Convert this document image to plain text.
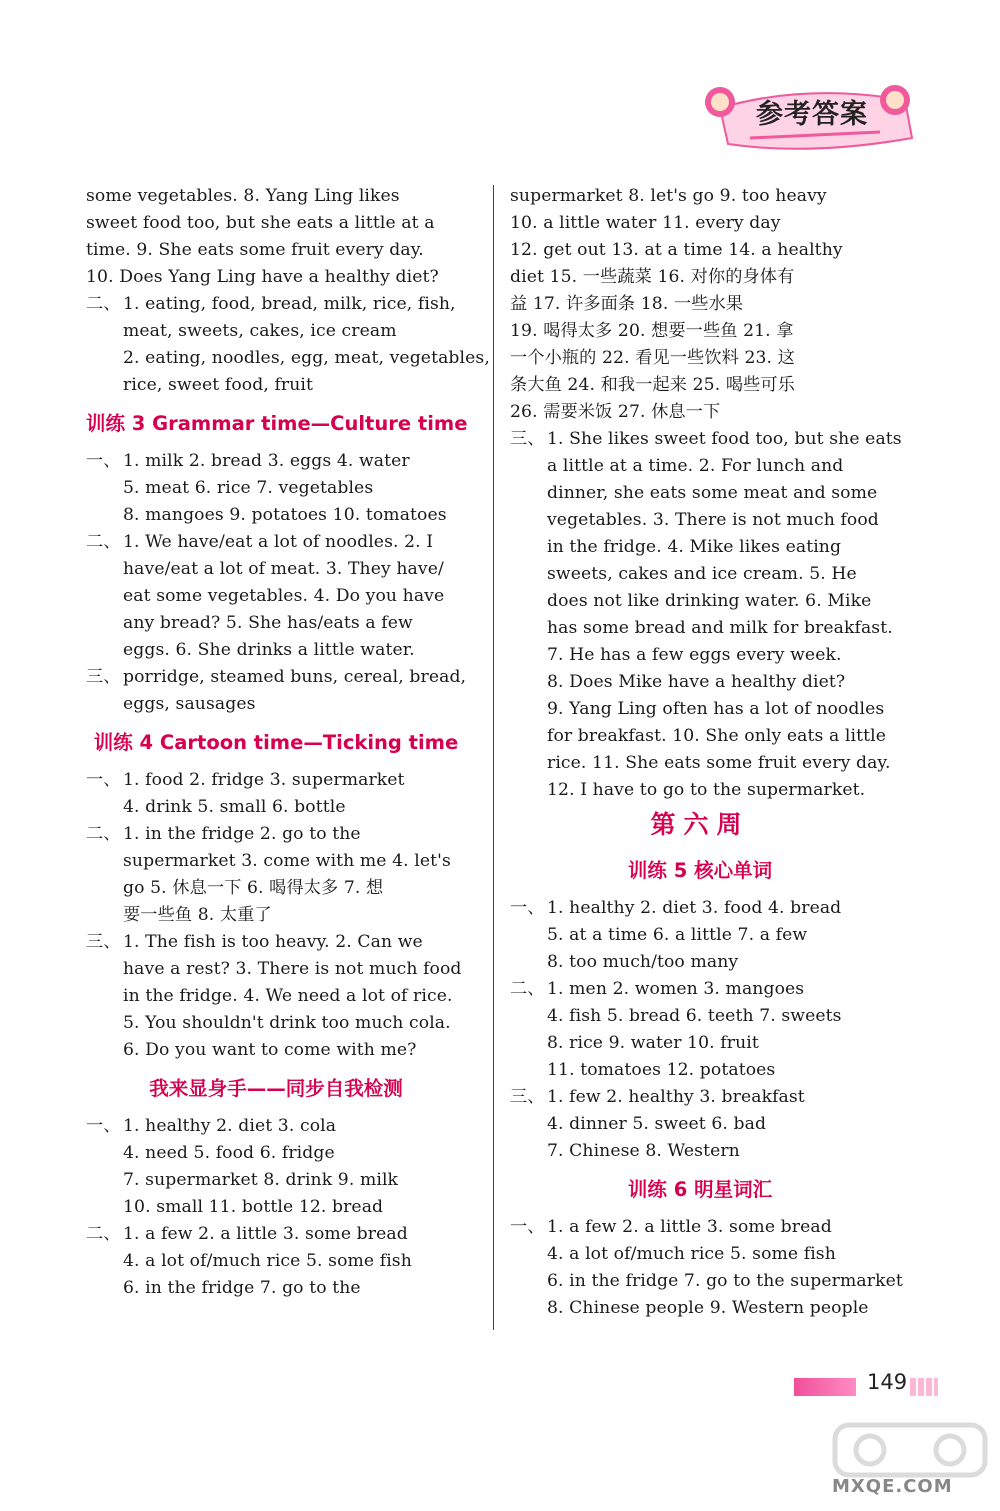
参考答案
some vegetables. 8. Yang Ling likes
sweet food too, but she eats a little at a
time. 9. She eats some fruit every day.
10. Does Yang Ling have a healthy diet?
二、 1. eating, food, bread, milk, rice, fish,
meat, sweets, cakes, ice cream
2. eating, noodles, egg, meat, vegetables,
rice, sweet food, fruit
训练 3 Grammar time—Culture time
一、 1. milk 2. bread 3. eggs 4. water
5. meat 6. rice 7. vegetables
8. mangoes 9. potatoes 10. tomatoes
二、 1. We have/eat a lot of noodles. 2. I
have/eat a lot of meat. 3. They have/
eat some vegetables. 4. Do you have
any bread? 5. She has/eats a few
eggs. 6. She drinks a little water.
三、 porridge, steamed buns, cereal, bread,
eggs, sausages
训练 4 Cartoon time—Ticking time
一、 1. food 2. fridge 3. supermarket
4. drink 5. small 6. bottle
二、 1. in the fridge 2. go to the
supermarket 3. come with me 4. let's
go 5. 休息一下 6. 喝得太多 7. 想
要一些鱼 8. 太重了
三、 1. The fish is too heavy. 2. Can we
have a rest? 3. There is not much food
in the fridge. 4. We need a lot of rice.
5. You shouldn't drink too much cola.
6. Do you want to come with me?
我来显身手——同步自我检测
一、 1. healthy 2. diet 3. cola
4. need 5. food 6. fridge
7. supermarket 8. drink 9. milk
10. small 11. bottle 12. bread
二、 1. a few 2. a little 3. some bread
4. a lot of/much rice 5. some fish
6. in the fridge 7. go to the
supermarket 8. let's go 9. too heavy
10. a little water 11. every day
12. get out 13. at a time 14. a healthy
diet 15. 一些蔬菜 16. 对你的身体有
益 17. 许多面条 18. 一些水果
19. 喝得太多 20. 想要一些鱼 21. 拿
一个小瓶的 22. 看见一些饮料 23. 这
条大鱼 24. 和我一起来 25. 喝些可乐
26. 需要米饭 27. 休息一下
三、 1. She likes sweet food too, but she eats
a little at a time. 2. For lunch and
dinner, she eats some meat and some
vegetables. 3. There is not much food
in the fridge. 4. Mike likes eating
sweets, cakes and ice cream. 5. He
does not like drinking water. 6. Mike
has some bread and milk for breakfast.
7. He has a few eggs every week.
8. Does Mike have a healthy diet?
9. Yang Ling often has a lot of noodles
for breakfast. 10. She only eats a little
rice. 11. She eats some fruit every day.
12. I have to go to the supermarket.
第六周
训练 5 核心单词
一、 1. healthy 2. diet 3. food 4. bread
5. at a time 6. a little 7. a few
8. too much/too many
二、 1. men 2. women 3. mangoes
4. fish 5. bread 6. teeth 7. sweets
8. rice 9. water 10. fruit
11. tomatoes 12. potatoes
三、 1. few 2. healthy 3. breakfast
4. dinner 5. sweet 6. bad
7. Chinese 8. Western
训练 6 明星词汇
一、 1. a few 2. a little 3. some bread
4. a lot of/much rice 5. some fish
6. in the fridge 7. go to the supermarket
8. Chinese people 9. Western people
149
MXQE.COM
